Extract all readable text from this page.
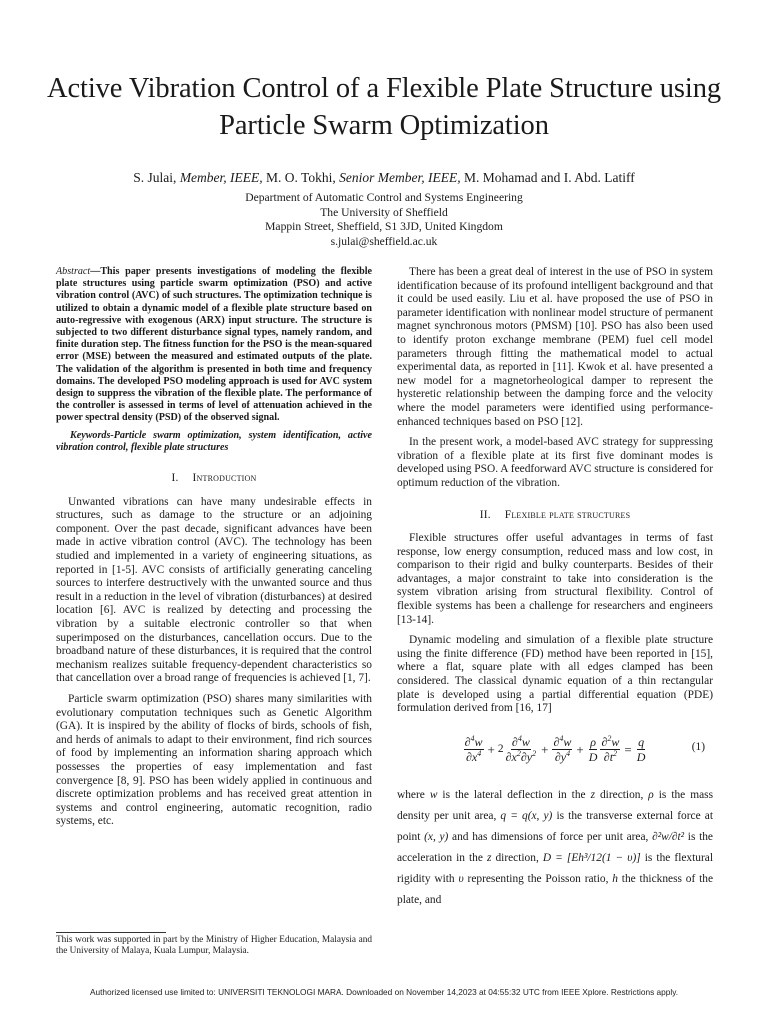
Active Vibration Control of a Flexible Plate Structure using Particle Swarm Optimization
S. Julai, Member, IEEE, M. O. Tokhi, Senior Member, IEEE, M. Mohamad and I. Abd. Latiff
Department of Automatic Control and Systems Engineering
The University of Sheffield
Mappin Street, Sheffield, S1 3JD, United Kingdom
s.julai@sheffield.ac.uk
Abstract—This paper presents investigations of modeling the flexible plate structures using particle swarm optimization (PSO) and active vibration control (AVC) of such structures. The optimization technique is utilized to obtain a dynamic model of a flexible plate structure based on auto-regressive with exogenous (ARX) input structure. The structure is subjected to two different disturbance signal types, namely random, and finite duration step. The fitness function for the PSO is the mean-squared error (MSE) between the measured and estimated outputs of the plate. The validation of the algorithm is presented in both time and frequency domains. The developed PSO modeling approach is used for AVC system design to suppress the vibration of the flexible plate. The performance of the controller is assessed in terms of level of attenuation achieved in the power spectral density (PSD) of the observed signal.
Keywords-Particle swarm optimization, system identification, active vibration control, flexible plate structures
I. Introduction

Unwanted vibrations can have many undesirable effects in structures, such as damage to the structure or an adjoining component. Over the past decade, significant advances have been made in active vibration control (AVC). The technology has been studied and implemented in a variety of engineering situations, as reported in [1-5]. AVC consists of artificially generating canceling sources to interfere destructively with the unwanted source and thus result in a reduction in the level of vibration (disturbances) at desired location [6]. AVC is realized by detecting and processing the vibration by a suitable electronic controller so that when superimposed on the disturbances, cancellation occurs. Due to the broadband nature of these disturbances, it is required that the control mechanism realizes suitable frequency-dependent characteristics so that cancellation over a broad range of frequencies is achieved [1, 7].

Particle swarm optimization (PSO) shares many similarities with evolutionary computation techniques such as Genetic Algorithm (GA). It is inspired by the ability of flocks of birds, schools of fish, and herds of animals to adapt to their environment, find rich sources of food by implementing an information sharing approach which possesses the properties of easy implementation and fast convergence [8, 9]. PSO has been widely applied in continuous and discrete optimization problems and has received great attention in systems and control engineering, automatic recognition, radio systems, etc.

There has been a great deal of interest in the use of PSO in system identification because of its profound intelligent background and that it could be used easily. Liu et al. have proposed the use of PSO in parameter identification with nonlinear model structure of permanent magnet synchronous motors (PMSM) [10]. PSO has also been used to identify proton exchange membrane (PEM) fuel cell model parameters through fitting the mathematical model to actual experimental data, as reported in [11]. Kwok et al. have presented a new model for a magnetorheological damper to represent the hysteretic relationship between the damping force and the velocity where the model parameters were identified using performance-enhanced techniques based on PSO [12].

In the present work, a model-based AVC strategy for suppressing vibration of a flexible plate at its first five dominant modes is developed using PSO. A feedforward AVC structure is considered for optimum reduction of the vibration.

II. Flexible plate structures

Flexible structures offer useful advantages in terms of fast response, low energy consumption, reduced mass and low cost, in comparison to their rigid and bulky counterparts. Besides of their advantages, a major constraint to take into consideration is the system vibration arising from structural flexibility. Control of flexible systems has been a challenge for researchers and engineers [13-14].

Dynamic modeling and simulation of a flexible plate structure using the finite difference (FD) method have been reported in [15], where a flat, square plate with all edges clamped has been considered. The classical dynamic equation of a thin rectangular plate is developed using a partial differential equation (PDE) formulation derived from [16, 17]

$\frac{\partial^4w}{\partial x^4} + 2 \frac{\partial^4w}{\partial x^2\partial y^2} + \frac{\partial^4w}{\partial y^4} + \frac{\rho}{D} \frac{\partial^2w}{\partial t^2} = \frac{q}{D}$	(1)

where w is the lateral deflection in the z direction, ρ is the mass density per unit area, q = q(x, y) is the transverse external force at point (x, y) and has dimensions of force per unit area, ∂²w/∂t² is the acceleration in the z direction, D = [Eh³/12(1 − υ)] is the flextural rigidity with υ representing the Poisson ratio, h the thickness of the plate, and

This work was supported in part by the Ministry of Higher Education, Malaysia and the University of Malaya, Kuala Lumpur, Malaysia.
Authorized licensed use limited to: UNIVERSITI TEKNOLOGI MARA. Downloaded on November 14,2023 at 04:55:32 UTC from IEEE Xplore. Restrictions apply.
